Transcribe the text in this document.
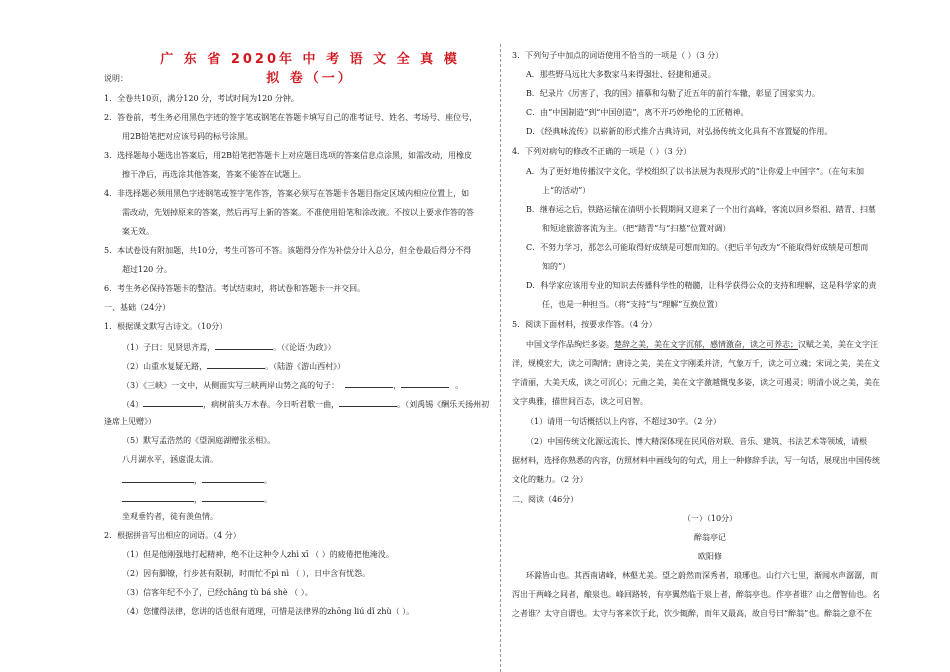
广 东 省 2020年 中 考 语 文 全 真 模 拟 卷（一）
说明：
1．全卷共10页，满分120 分，考试时间为120 分钟。
2．答卷前，考生务必用黑色字迹的签字笔或钢笔在答题卡填写自己的准考证号、姓名、考场号、座位号，
用2B铅笔把对应该号码的标号涂黑。
3．选择题每小题选出答案后，用2B铅笔把答题卡上对应题目选项的答案信息点涂黑，如需改动，用橡皮
擦干净后，再选涂其他答案，答案不能答在试题上。
4．非选择题必须用黑色字迹钢笔或签字笔作答，答案必须写在答题卡各题目指定区域内相应位置上，如
需改动，先划掉原来的答案，然后再写上新的答案。不准使用铅笔和涂改液。不按以上要求作答的答
案无效。
5．本试卷设有附加题，共10分，考生可答可不答。该题得分作为补偿分计入总分，但全卷最后得分不得
超过120 分。
6．考生务必保持答题卡的整洁。考试结束时，将试卷和答题卡一并交回。
一、基础（24分）
1．根据课文默写古诗文。（10分）
（1）子曰：见贤思齐焉，	。（《论语·为政》）
（2）山重水复疑无路，	。（陆游《游山西村》）
（3）《三峡》一文中，从侧面实写三峡两岸山势之高的句子：	，	。
（4）	，病树前头万木春。今日听君歌一曲，	。（刘禹锡《酬乐天扬州初
逢席上见赠》）
（5）默写孟浩然的《望洞庭湖赠张丞相》。
八月湖水平，涵虚混太清。
，	。
，	。
坐观垂钓者，徒有羡鱼情。
2．根据拼音写出相应的词语。（4 分）
（1）但是他刚强地打起精神，绝不让这种令人zhì xī （ ）的疲倦把他淹没。
（2）因有脚镣，行步甚有限制，时而忙不pì nì （ ），日中含有忧怨。
（3）信客年纪不小了，已经chāng tù bá shè （ ）。
（4）您懂得法律，您讲的话也很有道理，可惜是法律界的zhōng liú dǐ zhù（ ）。
3．下列句子中加点的词语使用不恰当的一项是（ ）（3 分）
A．那些野马远比大多数家马来得强壮、轻捷和通灵。
B．纪录片《厉害了，我的国》描摹和勾勒了近五年的前行车辙，彰显了国家实力。
C．由“中国制造”到“中国创造”，离不开巧妙绝伦的工匠精神。
D．《经典咏流传》以崭新的形式推介古典诗词，对弘扬传统文化具有不容置疑的作用。
4．下列对病句的修改不正确的一项是（ ）（3 分）
A．为了更好地传播汉字文化，学校组织了以书法展为表现形式的“让你爱上中国字”。（在句末加
上“的活动”）
B．继春运之后，铁路运输在清明小长假期间又迎来了一个出行高峰，客流以回乡祭祖、踏青、扫墓
和短途旅游客流为主。（把“踏青”与“扫墓”位置对调）
C．不努力学习，那怎么可能取得好成绩是可想而知的。（把后半句改为“不能取得好成绩是可想而
知的”）
D．科学家应该用专业的知识去传播科学性的精髓，让科学获得公众的支持和理解，这是科学家的责
任，也是一种担当。（将“支持”与“理解”互换位置）
5．阅读下面材料，按要求作答。（4 分）
中国文学作品绚烂多姿。楚辞之美，美在文字沉郁，感情激奋，读之可养志；汉赋之美，美在文字汪
洋，规模宏大，读之可陶情；唐诗之美，美在文字刚柔并济，气象万千，读之可立魂；宋词之美，美在文
字清丽，大美天成，读之可沉心；元曲之美，美在文字激越慨曳多姿，读之可遏灵；明清小说之美，美在
文字典雅，描世间百态，读之可启智。
（1）请用一句话概括以上内容，不超过30字。（2 分）
（2）中国传统文化源远流长、博大精深体现在民风俗对联、音乐、建筑、书法艺术等领域，请根
据材料，选择你熟悉的内容，仿照材料中画线句的句式，用上一种修辞手法，写一句话，展现出中国传统
文化的魅力。（2 分）
二、阅读（46分）
（一）（10分）
醉翁亭记
欧阳修
环滁皆山也。其西南诸峰，林壑尤美。望之蔚然而深秀者，琅琊也。山行六七里，渐闻水声潺潺，而
泻出于两峰之间者，酿泉也。峰回路转，有亭翼然临于泉上者，醉翁亭也。作亭者谁？山之僧智仙也。名
之者谁？太守自谓也。太守与客来饮于此，饮少辄醉，而年又最高，故自号曰“醉翁”也。醉翁之意不在
